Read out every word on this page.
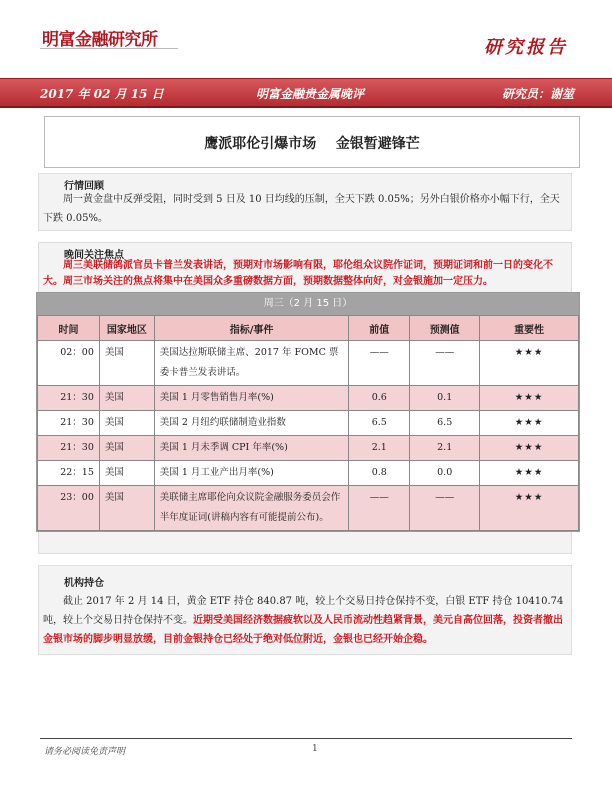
明富金融研究所	研究报告
2017 年 02 月 15 日	明富金融贵金属晚评	研究员：谢堃
鹰派耶伦引爆市场    金银暂避锋芒
行情回顾
周一黄金盘中反弹受阻，同时受到 5 日及 10 日均线的压制，全天下跌 0.05%；另外白银价格亦小幅下行，全天下跌 0.05%。
晚间关注焦点
周三美联储鸽派官员卡普兰发表讲话，预期对市场影响有限，耶伦组众议院作证词，预期证词和前一日的变化不大。周三市场关注的焦点将集中在美国众多重磅数据方面，预期数据整体向好，对金银施加一定压力。
周三（2 月 15 日）
时间	国家地区	指标/事件	前值	预测值	重要性
02：00	美国	美国达拉斯联储主席、2017 年 FOMC 票委卡普兰发表讲话。	——	——	★★★
21：30	美国	美国 1 月零售销售月率(%)	0.6	0.1	★★★
21：30	美国	美国 2 月纽约联储制造业指数	6.5	6.5	★★★
21：30	美国	美国 1 月未季调 CPI 年率(%)	2.1	2.1	★★★
22：15	美国	美国 1 月工业产出月率(%)	0.8	0.0	★★★
23：00	美国	美联储主席耶伦向众议院金融服务委员会作半年度证词(讲稿内容有可能提前公布)。	——	——	★★★
机构持仓
截止 2017 年 2 月 14 日，黄金 ETF 持仓 840.87 吨，较上个交易日持仓保持不变，白银 ETF 持仓 10410.74 吨，较上个交易日持仓保持不变。近期受美国经济数据疲软以及人民币流动性趋紧背景，美元自高位回落，投资者撤出金银市场的脚步明显放缓，目前金银持仓已经处于绝对低位附近，金银也已经开始企稳。
请务必阅读免责声明	1
